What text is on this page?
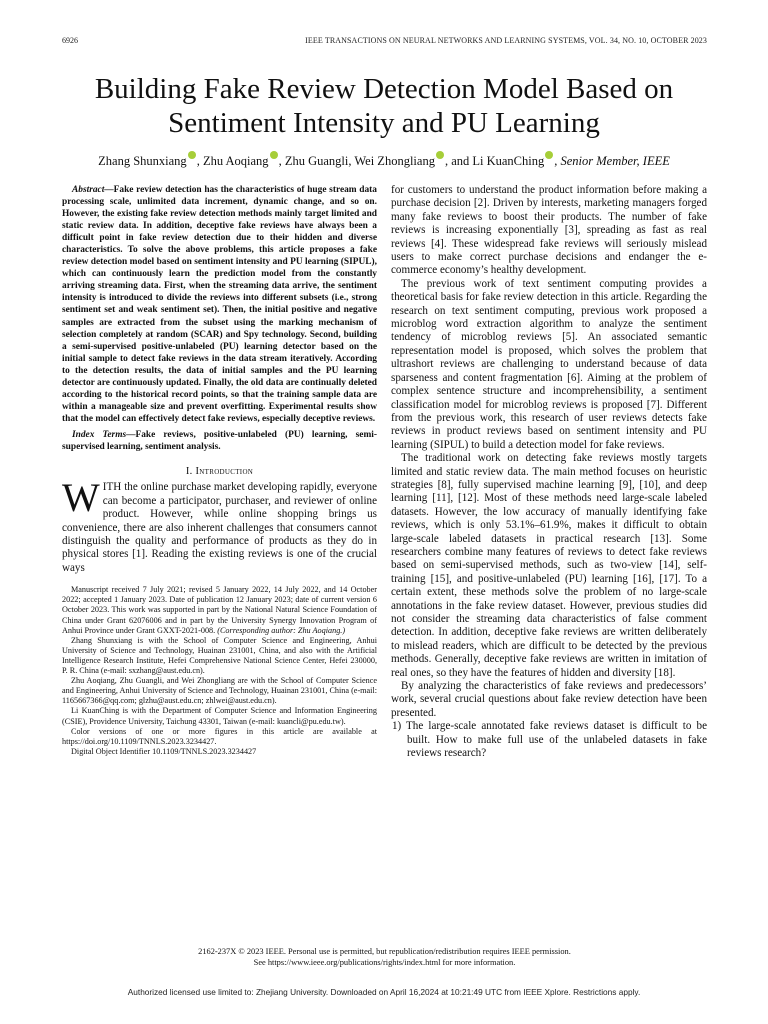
6926	IEEE TRANSACTIONS ON NEURAL NETWORKS AND LEARNING SYSTEMS, VOL. 34, NO. 10, OCTOBER 2023
Building Fake Review Detection Model Based on
Sentiment Intensity and PU Learning
Zhang Shunxiang , Zhu Aoqiang , Zhu Guangli, Wei Zhongliang , and Li KuanChing , Senior Member, IEEE

Abstract—Fake review detection has the characteristics of huge stream data processing scale, unlimited data increment, dynamic change, and so on. However, the existing fake review detection methods mainly target limited and static review data. In addition, deceptive fake reviews have always been a difficult point in fake review detection due to their hidden and diverse characteristics. To solve the above problems, this article proposes a fake review detection model based on sentiment intensity and PU learning (SIPUL), which can continuously learn the prediction model from the constantly arriving streaming data. First, when the streaming data arrive, the sentiment intensity is introduced to divide the reviews into different subsets (i.e., strong sentiment set and weak sentiment set). Then, the initial positive and negative samples are extracted from the subset using the marking mechanism of selection completely at random (SCAR) and Spy technology. Second, building a semi-supervised positive-unlabeled (PU) learning detector based on the initial sample to detect fake reviews in the data stream iteratively. According to the detection results, the data of initial samples and the PU learning detector are continuously updated. Finally, the old data are continually deleted according to the historical record points, so that the training sample data are within a manageable size and prevent overfitting. Experimental results show that the model can effectively detect fake reviews, especially deceptive reviews.

Index Terms—Fake reviews, positive-unlabeled (PU) learning, semi-supervised learning, sentiment analysis.

I. Introduction

WITH the online purchase market developing rapidly, everyone can become a participator, purchaser, and reviewer of online product. However, while online shopping brings us convenience, there are also inherent challenges that consumers cannot distinguish the quality and performance of products as they do in physical stores [1]. Reading the existing reviews is one of the crucial ways

Manuscript received 7 July 2021; revised 5 January 2022, 14 July 2022, and 14 October 2022; accepted 1 January 2023. Date of publication 12 January 2023; date of current version 6 October 2023. This work was supported in part by the National Natural Science Foundation of China under Grant 62076006 and in part by the University Synergy Innovation Program of Anhui Province under Grant GXXT-2021-008. (Corresponding author: Zhu Aoqiang.)

Zhang Shunxiang is with the School of Computer Science and Engineering, Anhui University of Science and Technology, Huainan 231001, China, and also with the Artificial Intelligence Research Institute, Hefei Comprehensive National Science Center, Hefei 230000, P. R. China (e-mail: sxzhang@aust.edu.cn).

Zhu Aoqiang, Zhu Guangli, and Wei Zhongliang are with the School of Computer Science and Engineering, Anhui University of Science and Technology, Huainan 231001, China (e-mail: 1165667366@qq.com; glzhu@aust.edu.cn; zhlwei@aust.edu.cn).

Li KuanChing is with the Department of Computer Science and Information Engineering (CSIE), Providence University, Taichung 43301, Taiwan (e-mail: kuancli@pu.edu.tw).

Color versions of one or more figures in this article are available at https://doi.org/10.1109/TNNLS.2023.3234427.

Digital Object Identifier 10.1109/TNNLS.2023.3234427

for customers to understand the product information before making a purchase decision [2]. Driven by interests, marketing managers forged many fake reviews to boost their products. The number of fake reviews is increasing exponentially [3], spreading as fast as real reviews [4]. These widespread fake reviews will seriously mislead users to make correct purchase decisions and endanger the e-commerce economy’s healthy development.

The previous work of text sentiment computing provides a theoretical basis for fake review detection in this article. Regarding the research on text sentiment computing, previous work proposed a microblog word extraction algorithm to analyze the sentiment tendency of microblog reviews [5]. An associated semantic representation model is proposed, which solves the problem that ultrashort reviews are challenging to understand because of data sparseness and content fragmentation [6]. Aiming at the problem of complex sentence structure and incomprehensibility, a sentiment classification model for microblog reviews is proposed [7]. Different from the previous work, this research of user reviews detects fake reviews in product reviews based on sentiment intensity and PU learning (SIPUL) to build a detection model for fake reviews.

The traditional work on detecting fake reviews mostly targets limited and static review data. The main method focuses on heuristic strategies [8], fully supervised machine learning [9], [10], and deep learning [11], [12]. Most of these methods need large-scale labeled datasets. However, the low accuracy of manually identifying fake reviews, which is only 53.1%–61.9%, makes it difficult to obtain large-scale labeled datasets in practical research [13]. Some researchers combine many features of reviews to detect fake reviews based on semi-supervised methods, such as two-view [14], self-training [15], and positive-unlabeled (PU) learning [16], [17]. To a certain extent, these methods solve the problem of no large-scale annotations in the fake review dataset. However, previous studies did not consider the streaming data characteristics of false comment detection. In addition, deceptive fake reviews are written deliberately to mislead readers, which are difficult to be detected by the previous methods. Generally, deceptive fake reviews are written in imitation of real ones, so they have the features of hidden and diversity [18].

By analyzing the characteristics of fake reviews and predecessors’ work, several crucial questions about fake review detection have been presented.

1) The large-scale annotated fake reviews dataset is difficult to be built. How to make full use of the unlabeled datasets in fake reviews research?

2162-237X © 2023 IEEE. Personal use is permitted, but republication/redistribution requires IEEE permission.
See https://www.ieee.org/publications/rights/index.html for more information.
Authorized licensed use limited to: Zhejiang University. Downloaded on April 16,2024 at 10:21:49 UTC from IEEE Xplore. Restrictions apply.
